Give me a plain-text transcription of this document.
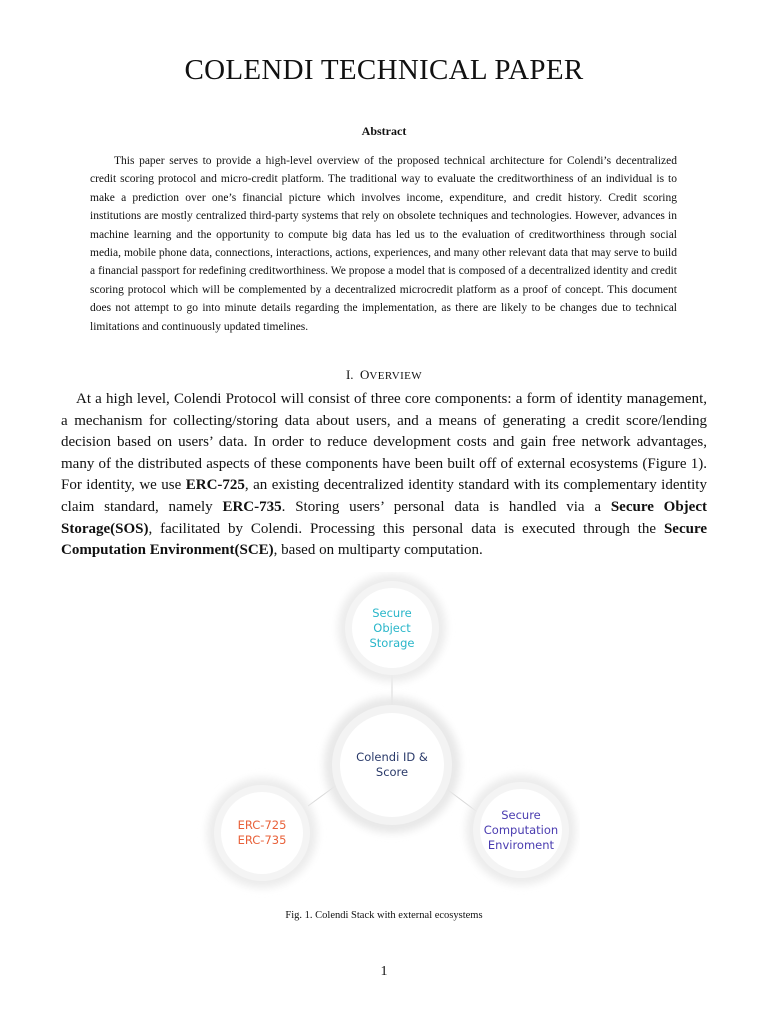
COLENDI TECHNICAL PAPER
Abstract
This paper serves to provide a high-level overview of the proposed technical architecture for Colendi’s decentralized credit scoring protocol and micro-credit platform. The traditional way to evaluate the creditworthiness of an individual is to make a prediction over one’s financial picture which involves income, expenditure, and credit history. Credit scoring institutions are mostly centralized third-party systems that rely on obsolete techniques and technologies. However, advances in machine learning and the opportunity to compute big data has led us to the evaluation of creditworthiness through social media, mobile phone data, connections, interactions, actions, experiences, and many other relevant data that may serve to build a financial passport for redefining creditworthiness. We propose a model that is composed of a decentralized identity and credit scoring protocol which will be complemented by a decentralized microcredit platform as a proof of concept. This document does not attempt to go into minute details regarding the implementation, as there are likely to be changes due to technical limitations and continuously updated timelines.
I. OVERVIEW
At a high level, Colendi Protocol will consist of three core components: a form of identity management, a mechanism for collecting/storing data about users, and a means of generating a credit score/lending decision based on users’ data. In order to reduce development costs and gain free network advantages, many of the distributed aspects of these components have been built off of external ecosystems (Figure 1). For identity, we use ERC-725, an existing decentralized identity standard with its complementary identity claim standard, namely ERC-735. Storing users’ personal data is handled via a Secure Object Storage(SOS), facilitated by Colendi. Processing this personal data is executed through the Secure Computation Environment(SCE), based on multiparty computation.
Secure
Object
Storage
Colendi ID &
Score
ERC-725
ERC-735
Secure
Computation
Enviroment
Fig. 1. Colendi Stack with external ecosystems
1
